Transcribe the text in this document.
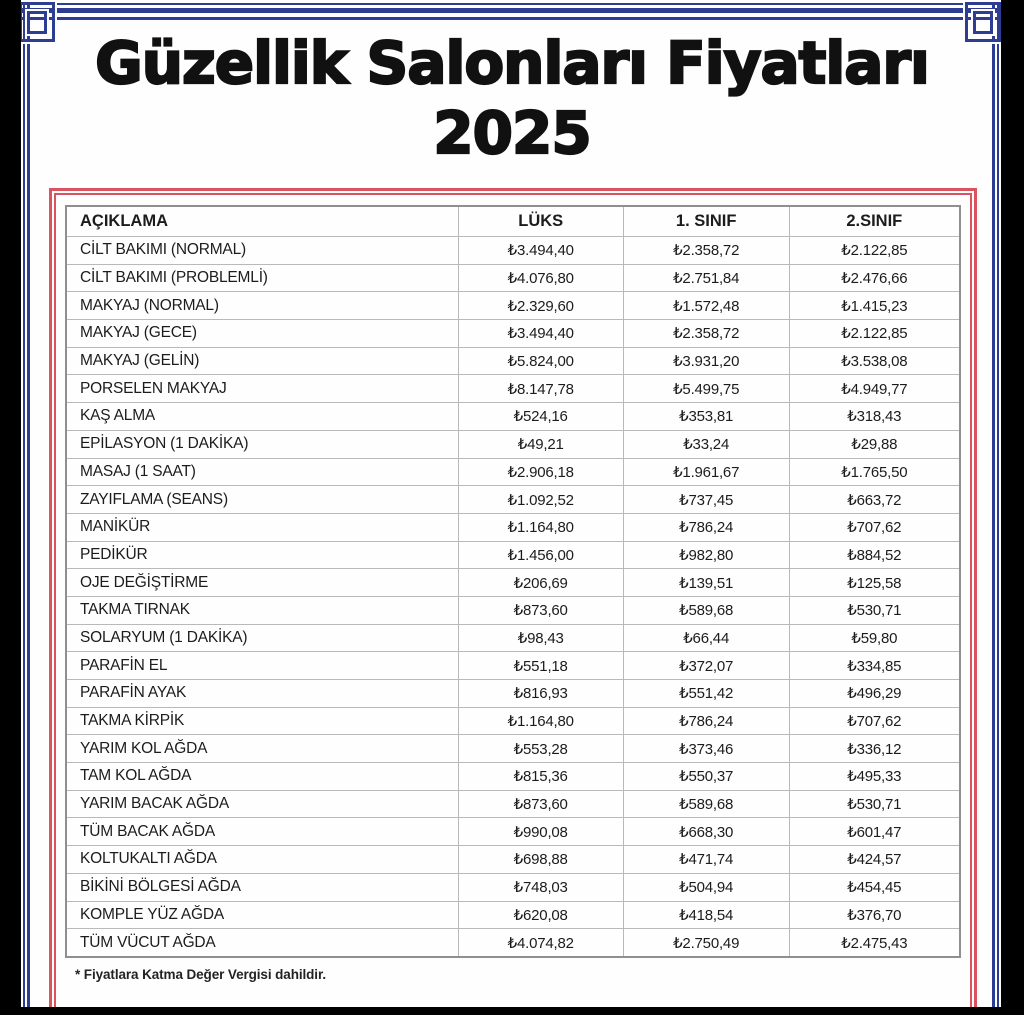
Güzellik Salonları Fiyatları
2025
AÇIKLAMA	LÜKS	1. SINIF	2.SINIF
CİLT BAKIMI (NORMAL)	₺3.494,40	₺2.358,72	₺2.122,85
CİLT BAKIMI (PROBLEMLİ)	₺4.076,80	₺2.751,84	₺2.476,66
MAKYAJ (NORMAL)	₺2.329,60	₺1.572,48	₺1.415,23
MAKYAJ (GECE)	₺3.494,40	₺2.358,72	₺2.122,85
MAKYAJ (GELİN)	₺5.824,00	₺3.931,20	₺3.538,08
PORSELEN MAKYAJ	₺8.147,78	₺5.499,75	₺4.949,77
KAŞ ALMA	₺524,16	₺353,81	₺318,43
EPİLASYON (1 DAKİKA)	₺49,21	₺33,24	₺29,88
MASAJ (1 SAAT)	₺2.906,18	₺1.961,67	₺1.765,50
ZAYIFLAMA (SEANS)	₺1.092,52	₺737,45	₺663,72
MANİKÜR	₺1.164,80	₺786,24	₺707,62
PEDİKÜR	₺1.456,00	₺982,80	₺884,52
OJE DEĞİŞTİRME	₺206,69	₺139,51	₺125,58
TAKMA TIRNAK	₺873,60	₺589,68	₺530,71
SOLARYUM (1 DAKİKA)	₺98,43	₺66,44	₺59,80
PARAFİN EL	₺551,18	₺372,07	₺334,85
PARAFİN AYAK	₺816,93	₺551,42	₺496,29
TAKMA KİRPİK	₺1.164,80	₺786,24	₺707,62
YARIM KOL AĞDA	₺553,28	₺373,46	₺336,12
TAM KOL AĞDA	₺815,36	₺550,37	₺495,33
YARIM BACAK AĞDA	₺873,60	₺589,68	₺530,71
TÜM BACAK AĞDA	₺990,08	₺668,30	₺601,47
KOLTUKALTI AĞDA	₺698,88	₺471,74	₺424,57
BİKİNİ BÖLGESİ AĞDA	₺748,03	₺504,94	₺454,45
KOMPLE YÜZ AĞDA	₺620,08	₺418,54	₺376,70
TÜM VÜCUT AĞDA	₺4.074,82	₺2.750,49	₺2.475,43

* Fiyatlara Katma Değer Vergisi dahildir.
